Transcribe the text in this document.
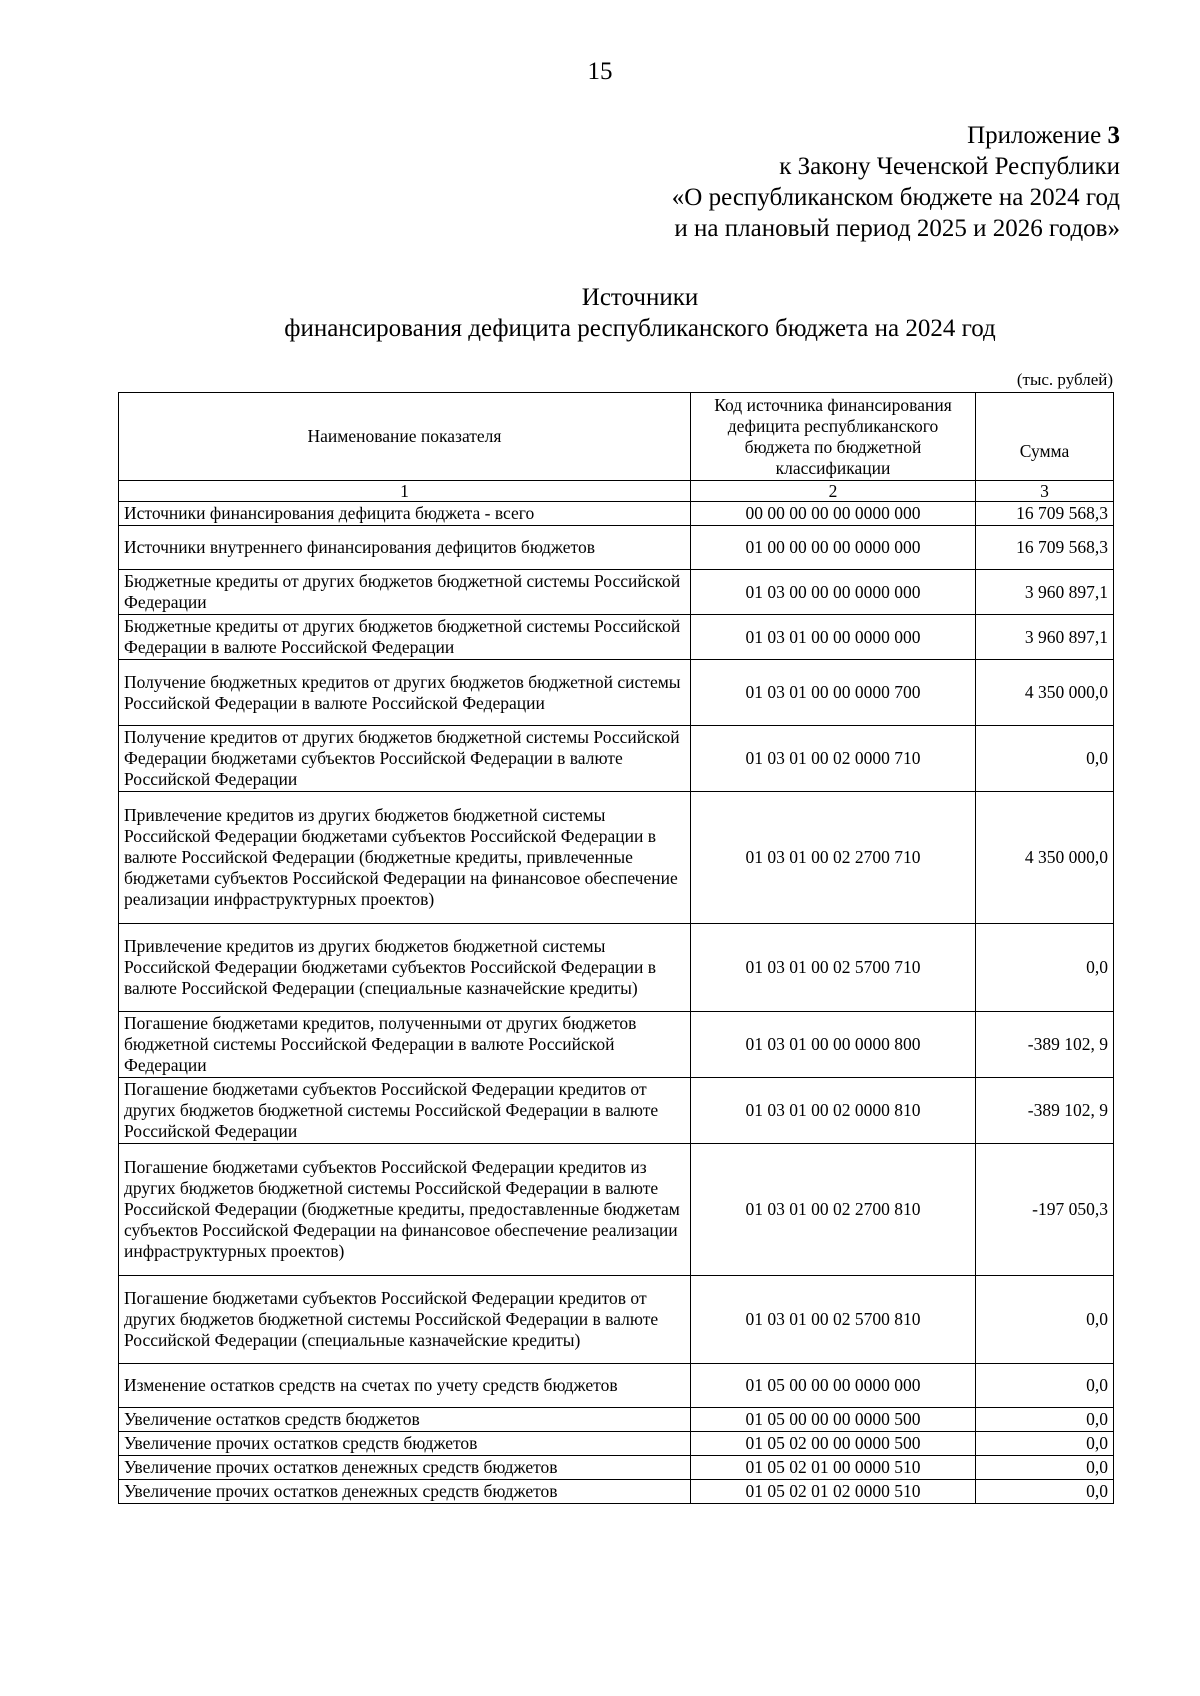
15
Приложение 3
к Закону Чеченской Республики
«О республиканском бюджете на 2024 год
и на плановый период 2025 и 2026 годов»
Источники
финансирования дефицита республиканского бюджета на 2024 год
(тыс. рублей)
Наименование показателя	Код источника финансирования дефицита республиканского бюджета по бюджетной классификации	Сумма
1	2	3
Источники финансирования дефицита бюджета - всего	00 00 00 00 00 0000 000	16 709 568,3
Источники внутреннего финансирования дефицитов бюджетов	01 00 00 00 00 0000 000	16 709 568,3
Бюджетные кредиты от других бюджетов бюджетной системы Российской Федерации	01 03 00 00 00 0000 000	3 960 897,1
Бюджетные кредиты от других бюджетов бюджетной системы Российской Федерации в валюте Российской Федерации	01 03 01 00 00 0000 000	3 960 897,1
Получение бюджетных кредитов от других бюджетов бюджетной системы Российской Федерации в валюте Российской Федерации	01 03 01 00 00 0000 700	4 350 000,0
Получение кредитов от других бюджетов бюджетной системы Российской Федерации бюджетами субъектов Российской Федерации в валюте Российской Федерации	01 03 01 00 02 0000 710	0,0
Привлечение кредитов из других бюджетов бюджетной системы Российской Федерации бюджетами субъектов Российской Федерации в валюте Российской Федерации (бюджетные кредиты, привлеченные бюджетами субъектов Российской Федерации на финансовое обеспечение реализации инфраструктурных проектов)	01 03 01 00 02 2700 710	4 350 000,0
Привлечение кредитов из других бюджетов бюджетной системы Российской Федерации бюджетами субъектов Российской Федерации в валюте Российской Федерации (специальные казначейские кредиты)	01 03 01 00 02 5700 710	0,0
Погашение бюджетами кредитов, полученными от других бюджетов бюджетной системы Российской Федерации в валюте Российской Федерации	01 03 01 00 00 0000 800	-389 102, 9
Погашение бюджетами субъектов Российской Федерации кредитов от других бюджетов бюджетной системы Российской Федерации в валюте Российской Федерации	01 03 01 00 02 0000 810	-389 102, 9
Погашение бюджетами субъектов Российской Федерации кредитов из других бюджетов бюджетной системы Российской Федерации в валюте Российской Федерации (бюджетные кредиты, предоставленные бюджетам субъектов Российской Федерации на финансовое обеспечение реализации инфраструктурных проектов)	01 03 01 00 02 2700 810	-197 050,3
Погашение бюджетами субъектов Российской Федерации кредитов от других бюджетов бюджетной системы Российской Федерации в валюте Российской Федерации (специальные казначейские кредиты)	01 03 01 00 02 5700 810	0,0
Изменение остатков средств на счетах по учету средств бюджетов	01 05 00 00 00 0000 000	0,0
Увеличение остатков средств бюджетов	01 05 00 00 00 0000 500	0,0
Увеличение прочих остатков средств бюджетов	01 05 02 00 00 0000 500	0,0
Увеличение прочих остатков денежных средств бюджетов	01 05 02 01 00 0000 510	0,0
Увеличение прочих остатков денежных средств бюджетов	01 05 02 01 02 0000 510	0,0
